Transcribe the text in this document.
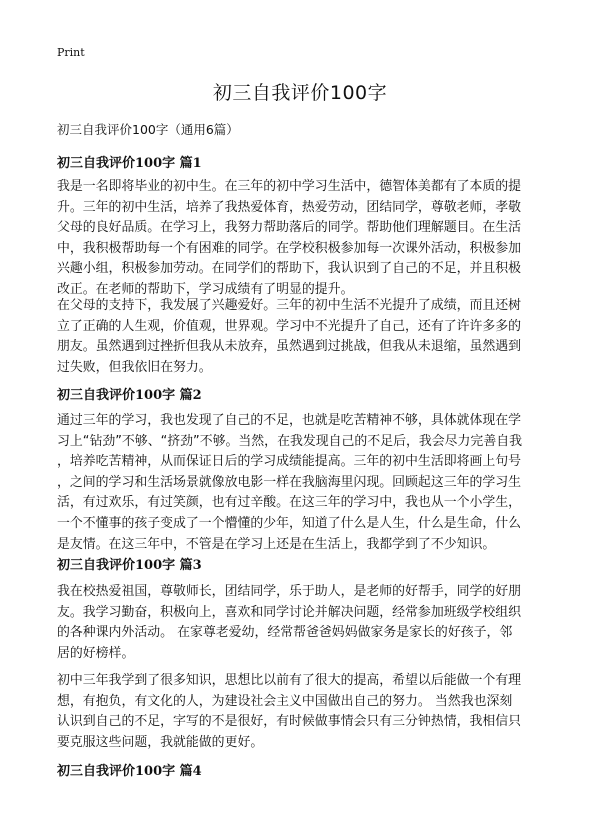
Print
初三自我评价100字

初三自我评价100字（通用6篇）

初三自我评价100字 篇1
我是一名即将毕业的初中生。在三年的初中学习生活中，德智体美都有了本质的提
升。三年的初中生活，培养了我热爱体育，热爱劳动，团结同学，尊敬老师，孝敬
父母的良好品质。在学习上，我努力帮助落后的同学。帮助他们理解题目。在生活
中，我积极帮助每一个有困难的同学。在学校积极参加每一次课外活动，积极参加
兴趣小组，积极参加劳动。在同学们的帮助下，我认识到了自己的不足，并且积极
改正。在老师的帮助下，学习成绩有了明显的提升。
在父母的支持下，我发展了兴趣爱好。三年的初中生活不光提升了成绩，而且还树
立了正确的人生观，价值观，世界观。学习中不光提升了自己，还有了许许多多的
朋友。虽然遇到过挫折但我从未放弃，虽然遇到过挑战，但我从未退缩，虽然遇到
过失败，但我依旧在努力。
初三自我评价100字 篇2
通过三年的学习，我也发现了自己的不足，也就是吃苦精神不够，具体就体现在学
习上“钻劲”不够、“挤劲”不够。当然，在我发现自己的不足后，我会尽力完善自我
，培养吃苦精神，从而保证日后的学习成绩能提高。三年的初中生活即将画上句号
，之间的学习和生活场景就像放电影一样在我脑海里闪现。回顾起这三年的学习生
活，有过欢乐，有过笑颜，也有过辛酸。在这三年的学习中，我也从一个小学生，
一个不懂事的孩子变成了一个懵懂的少年，知道了什么是人生，什么是生命，什么
是友情。在这三年中，不管是在学习上还是在生活上，我都学到了不少知识。
初三自我评价100字 篇3
我在校热爱祖国，尊敬师长，团结同学，乐于助人，是老师的好帮手，同学的好朋
友。我学习勤奋，积极向上，喜欢和同学讨论并解决问题，经常参加班级学校组织
的各种课内外活动。 在家尊老爱幼，经常帮爸爸妈妈做家务是家长的好孩子，邻
居的好榜样。
初中三年我学到了很多知识，思想比以前有了很大的提高，希望以后能做一个有理
想，有抱负，有文化的人，为建设社会主义中国做出自己的努力。 当然我也深刻
认识到自己的不足，字写的不是很好，有时候做事情会只有三分钟热情，我相信只
要克服这些问题，我就能做的更好。
初三自我评价100字 篇4
